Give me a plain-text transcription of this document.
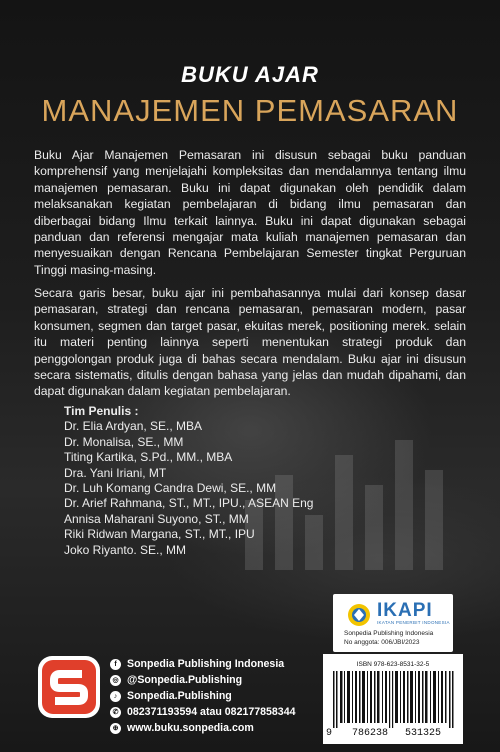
BUKU AJAR
MANAJEMEN PEMASARAN

Buku Ajar Manajemen Pemasaran ini disusun sebagai buku panduan komprehensif yang menjelajahi kompleksitas dan mendalamnya tentang ilmu manajemen pemasaran. Buku ini dapat digunakan oleh pendidik dalam melaksanakan kegiatan pembelajaran di bidang ilmu pemasaran dan diberbagai bidang Ilmu terkait lainnya. Buku ini dapat digunakan sebagai panduan dan referensi mengajar mata kuliah manajemen pemasaran dan menyesuaikan dengan Rencana Pembelajaran Semester tingkat Perguruan Tinggi masing-masing.

Secara garis besar, buku ajar ini pembahasannya mulai dari konsep dasar pemasaran, strategi dan rencana pemasaran, pemasaran modern, pasar konsumen, segmen dan target pasar, ekuitas merek, positioning merek. selain itu materi penting lainnya seperti menentukan strategi produk dan penggolongan produk juga di bahas secara mendalam. Buku ajar ini disusun secara sistematis, ditulis dengan bahasa yang jelas dan mudah dipahami, dan dapat digunakan dalam kegiatan pembelajaran.

Tim Penulis :
Dr. Elia Ardyan, SE., MBA
Dr. Monalisa, SE., MM
Titing Kartika, S.Pd., MM., MBA
Dra. Yani Iriani, MT
Dr. Luh Komang Candra Dewi, SE., MM
Dr. Arief Rahmana, ST., MT., IPU., ASEAN Eng
Annisa Maharani Suyono, ST., MM
Riki Ridwan Margana, ST., MT., IPU
Joko Riyanto. SE., MM
IKAPI
IKATAN PENERBIT INDONESIA
Sonpedia Publishing Indonesia
No anggota: 006/JBI/2023
ISBN 978-623-8531-32-5
9 786238 531325
f Sonpedia Publishing Indonesia
◎ @Sonpedia.Publishing
♪ Sonpedia.Publishing
✆ 082371193594 atau 082177858344
⊕ www.buku.sonpedia.com
